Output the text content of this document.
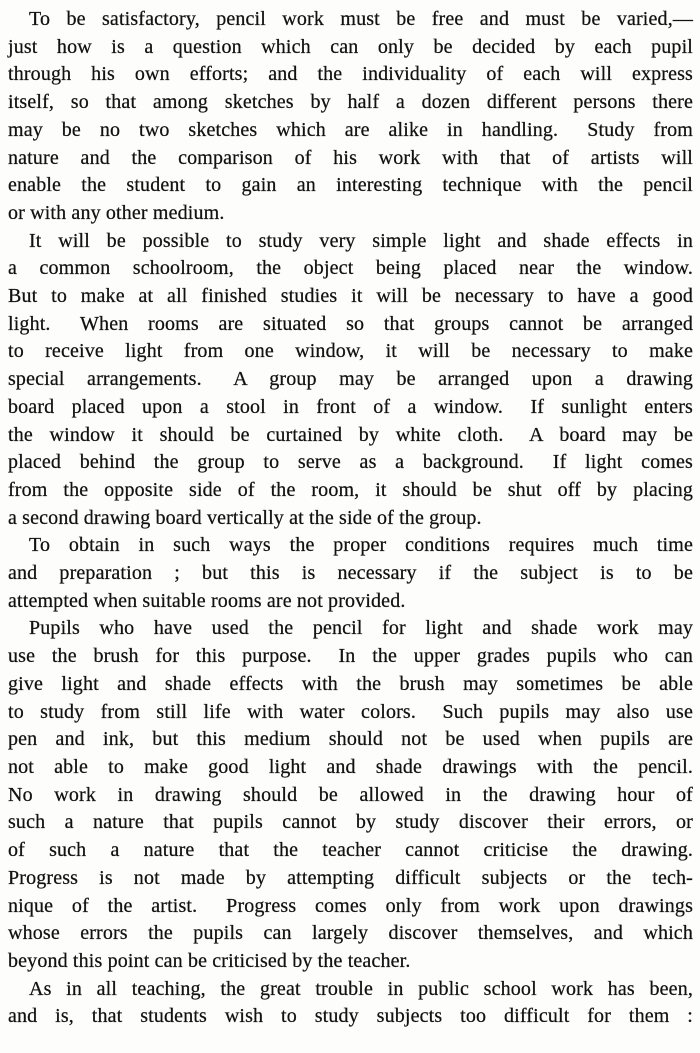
To be satisfactory, pencil work must be free and must be varied,—
just how is a question which can only be decided by each pupil
through his own efforts; and the individuality of each will express
itself, so that among sketches by half a dozen different persons there
may be no two sketches which are alike in handling.  Study from
nature and the comparison of his work with that of artists will
enable the student to gain an interesting technique with the pencil
or with any other medium.

It will be possible to study very simple light and shade effects in
a common schoolroom, the object being placed near the window.
But to make at all finished studies it will be necessary to have a good
light.  When rooms are situated so that groups cannot be arranged
to receive light from one window, it will be necessary to make
special arrangements.  A group may be arranged upon a drawing
board placed upon a stool in front of a window.  If sunlight enters
the window it should be curtained by white cloth.  A board may be
placed behind the group to serve as a background.  If light comes
from the opposite side of the room, it should be shut off by placing
a second drawing board vertically at the side of the group.

To obtain in such ways the proper conditions requires much time
and preparation ; but this is necessary if the subject is to be
attempted when suitable rooms are not provided.

Pupils who have used the pencil for light and shade work may
use the brush for this purpose.  In the upper grades pupils who can
give light and shade effects with the brush may sometimes be able
to study from still life with water colors.  Such pupils may also use
pen and ink, but this medium should not be used when pupils are
not able to make good light and shade drawings with the pencil.
No work in drawing should be allowed in the drawing hour of
such a nature that pupils cannot by study discover their errors, or
of such a nature that the teacher cannot criticise the drawing.
Progress is not made by attempting difficult subjects or the tech-
nique of the artist.  Progress comes only from work upon drawings
whose errors the pupils can largely discover themselves, and which
beyond this point can be criticised by the teacher.

As in all teaching, the great trouble in public school work has been,
and is, that students wish to study subjects too difficult for them :
